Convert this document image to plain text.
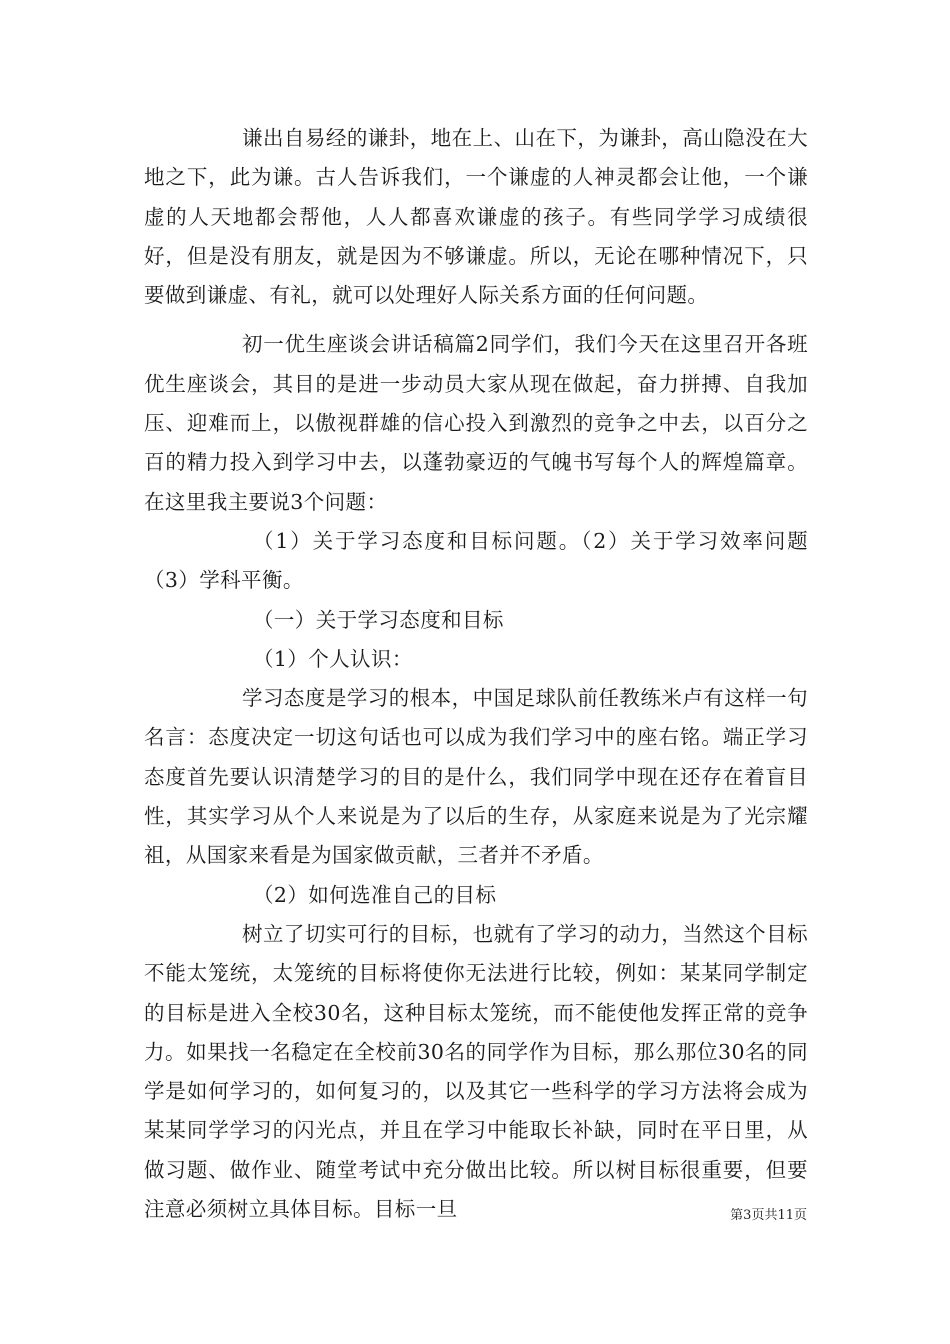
谦出自易经的谦卦，地在上、山在下，为谦卦，高山隐没在大地之下，此为谦。古人告诉我们，一个谦虚的人神灵都会让他，一个谦虚的人天地都会帮他，人人都喜欢谦虚的孩子。有些同学学习成绩很好，但是没有朋友，就是因为不够谦虚。所以，无论在哪种情况下，只要做到谦虚、有礼，就可以处理好人际关系方面的任何问题。

初一优生座谈会讲话稿篇2同学们，我们今天在这里召开各班优生座谈会，其目的是进一步动员大家从现在做起，奋力拼搏、自我加压、迎难而上，以傲视群雄的信心投入到激烈的竞争之中去，以百分之百的精力投入到学习中去，以蓬勃豪迈的气魄书写每个人的辉煌篇章。在这里我主要说3个问题：

（1）关于学习态度和目标问题。（2）关于学习效率问题（3）学科平衡。

（一）关于学习态度和目标

（1）个人认识：

学习态度是学习的根本，中国足球队前任教练米卢有这样一句名言：态度决定一切这句话也可以成为我们学习中的座右铭。端正学习态度首先要认识清楚学习的目的是什么，我们同学中现在还存在着盲目性，其实学习从个人来说是为了以后的生存，从家庭来说是为了光宗耀祖，从国家来看是为国家做贡献，三者并不矛盾。

（2）如何选准自己的目标

树立了切实可行的目标，也就有了学习的动力，当然这个目标不能太笼统，太笼统的目标将使你无法进行比较，例如：某某同学制定的目标是进入全校30名，这种目标太笼统，而不能使他发挥正常的竞争力。如果找一名稳定在全校前30名的同学作为目标，那么那位30名的同学是如何学习的，如何复习的，以及其它一些科学的学习方法将会成为某某同学学习的闪光点，并且在学习中能取长补缺，同时在平日里，从做习题、做作业、随堂考试中充分做出比较。所以树目标很重要，但要注意必须树立具体目标。目标一旦	第3页共11页
